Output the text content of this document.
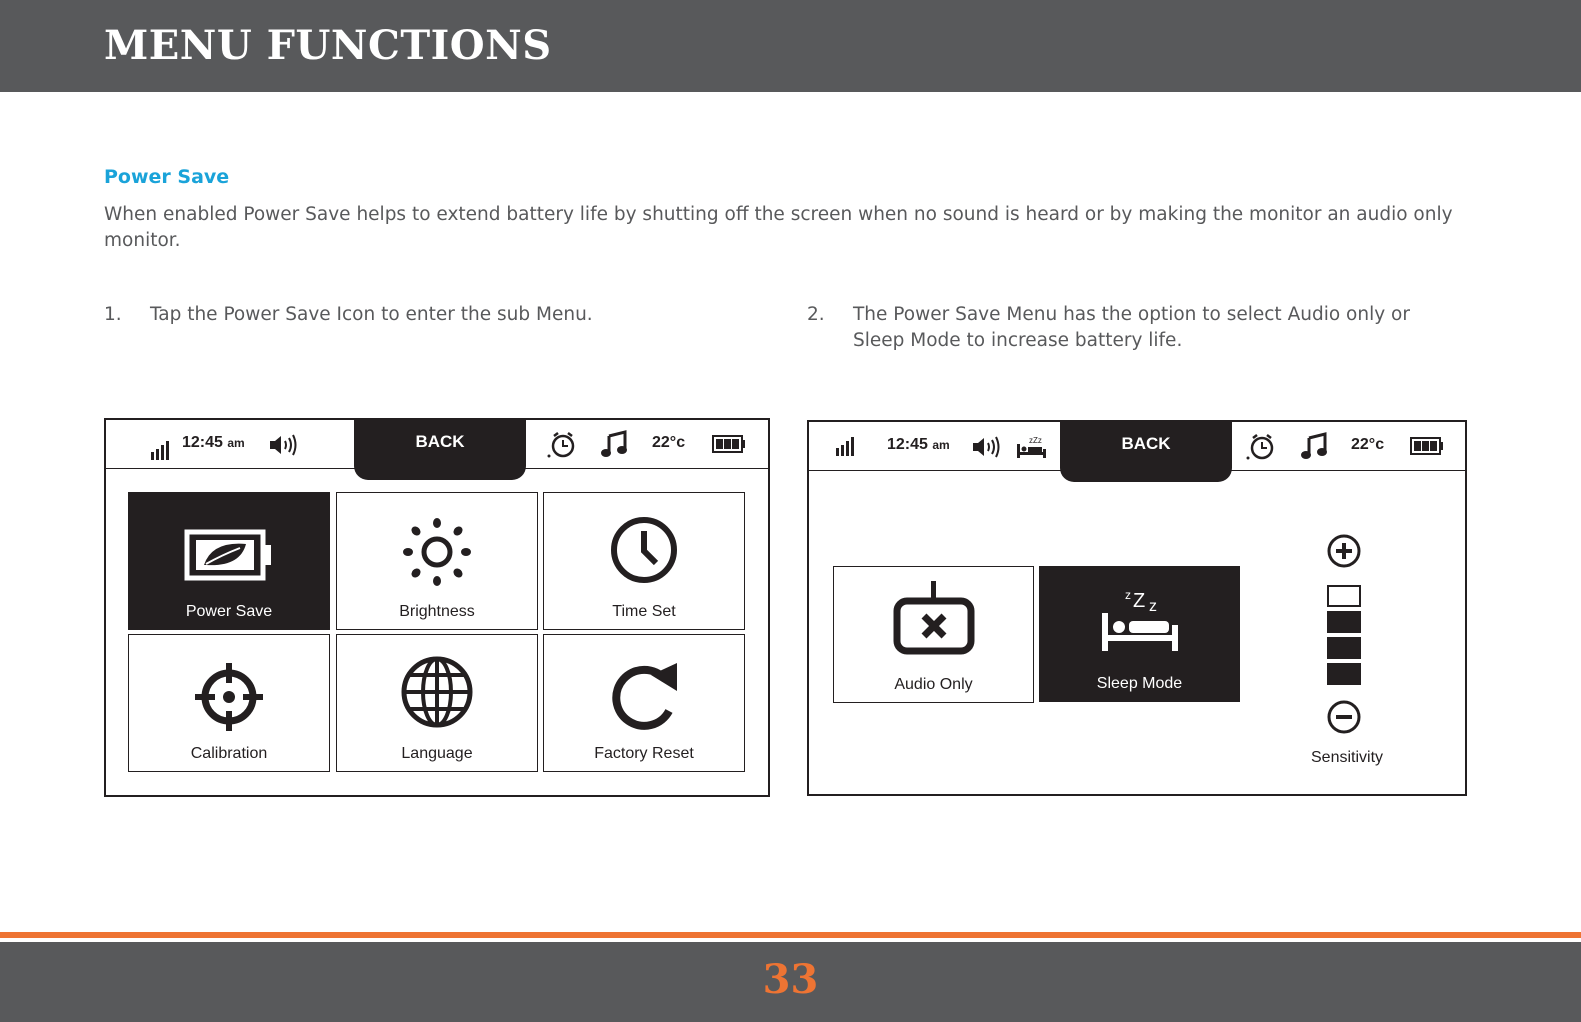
MENU FUNCTIONS
Power Save
When enabled Power Save helps to extend battery life by shutting off the screen when no sound is heard or by making the monitor an audio only monitor.
1. Tap the Power Save Icon to enter the sub Menu.	2. The Power Save Menu has the option to select Audio only or Sleep Mode to increase battery life.
12:45 am	BACK	22°c
Power Save	Brightness	Time Set
Calibration	Language	Factory Reset
12:45 am	zZz	BACK	22°c
Audio Only
z Z z
Sleep Mode
Sensitivity
33
